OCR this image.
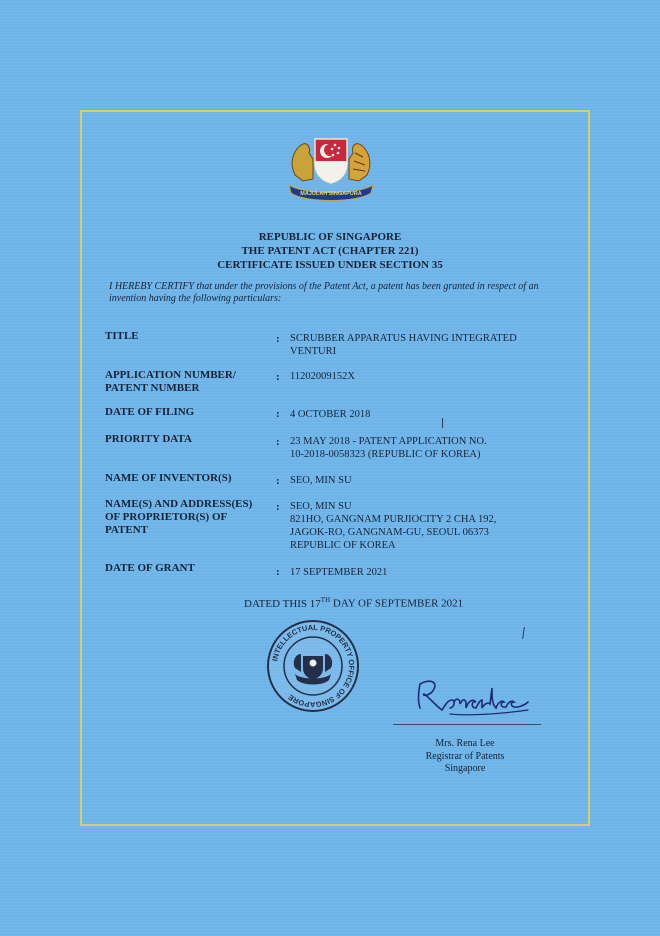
MAJULAH SINGAPURA
REPUBLIC OF SINGAPORE
THE PATENT ACT (CHAPTER 221)
CERTIFICATE ISSUED UNDER SECTION 35
I HEREBY CERTIFY that under the provisions of the Patent Act, a patent has been granted in respect of an invention having the following particulars:
TITLE	: SCRUBBER APPARATUS HAVING INTEGRATED
VENTURI
APPLICATION NUMBER/
PATENT NUMBER
: 11202009152X
DATE OF FILING	: 4 OCTOBER 2018
PRIORITY DATA	: 23 MAY 2018 - PATENT APPLICATION NO.
10-2018-0058323 (REPUBLIC OF KOREA)
NAME OF INVENTOR(S)	: SEO, MIN SU
NAME(S) AND ADDRESS(ES)
OF PROPRIETOR(S) OF
PATENT
: SEO, MIN SU
821HO, GANGNAM PURJIOCITY 2 CHA 192,
JAGOK-RO, GANGNAM-GU, SEOUL 06373
REPUBLIC OF KOREA
DATE OF GRANT	: 17 SEPTEMBER 2021
DATED THIS 17TH DAY OF SEPTEMBER 2021
INTELLECTUAL PROPERTY OFFICE OF SINGAPORE
Mrs. Rena Lee
Registrar of Patents
Singapore
